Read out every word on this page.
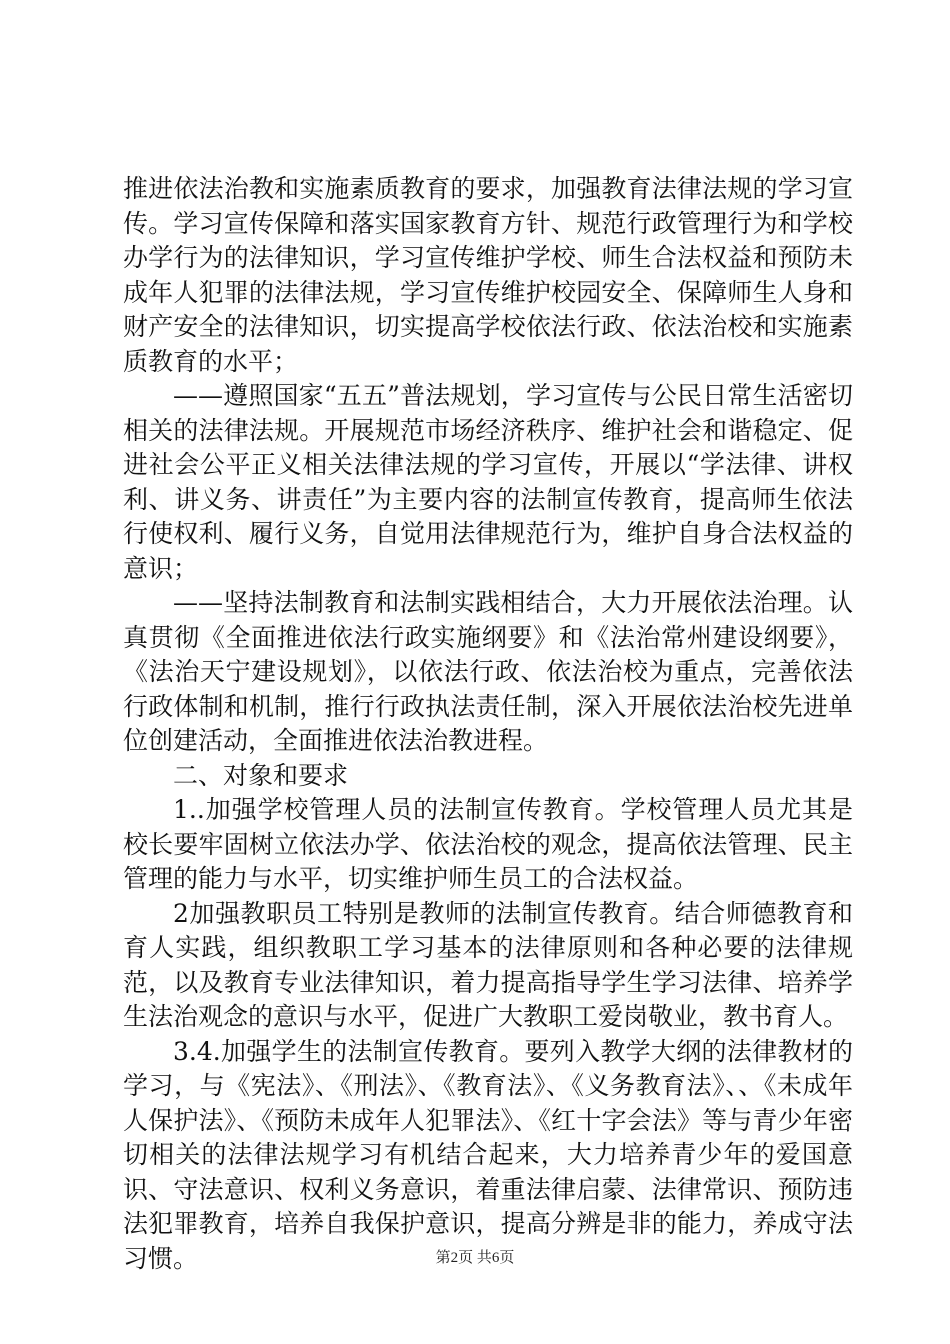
推进依法治教和实施素质教育的要求，加强教育法律法规的学习宣传。学习宣传保障和落实国家教育方针、规范行政管理行为和学校办学行为的法律知识，学习宣传维护学校、师生合法权益和预防未成年人犯罪的法律法规，学习宣传维护校园安全、保障师生人身和财产安全的法律知识，切实提高学校依法行政、依法治校和实施素质教育的水平；

——遵照国家“五五”普法规划，学习宣传与公民日常生活密切相关的法律法规。开展规范市场经济秩序、维护社会和谐稳定、促进社会公平正义相关法律法规的学习宣传，开展以“学法律、讲权利、讲义务、讲责任”为主要内容的法制宣传教育，提高师生依法行使权利、履行义务，自觉用法律规范行为，维护自身合法权益的意识；

——坚持法制教育和法制实践相结合，大力开展依法治理。认真贯彻《全面推进依法行政实施纲要》和《法治常州建设纲要》，《法治天宁建设规划》，以依法行政、依法治校为重点，完善依法行政体制和机制，推行行政执法责任制，深入开展依法治校先进单位创建活动，全面推进依法治教进程。

二、对象和要求

1..加强学校管理人员的法制宣传教育。学校管理人员尤其是校长要牢固树立依法办学、依法治校的观念，提高依法管理、民主管理的能力与水平，切实维护师生员工的合法权益。

2加强教职员工特别是教师的法制宣传教育。结合师德教育和育人实践，组织教职工学习基本的法律原则和各种必要的法律规范，以及教育专业法律知识，着力提高指导学生学习法律、培养学生法治观念的意识与水平，促进广大教职工爱岗敬业，教书育人。

3.4.加强学生的法制宣传教育。要列入教学大纲的法律教材的学习，与《宪法》、《刑法》、《教育法》、《义务教育法》、、《未成年人保护法》、《预防未成年人犯罪法》、《红十字会法》等与青少年密切相关的法律法规学习有机结合起来，大力培养青少年的爱国意识、守法意识、权利义务意识，着重法律启蒙、法律常识、预防违法犯罪教育，培养自我保护意识，提高分辨是非的能力，养成守法习惯。	第2页 共6页
